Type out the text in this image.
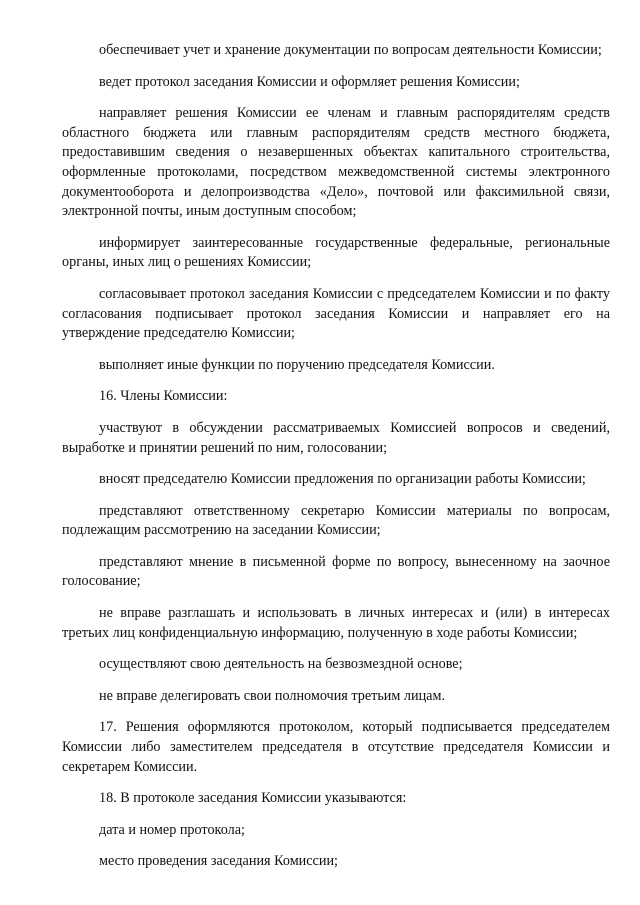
обеспечивает учет и хранение документации по вопросам деятельности Комиссии;

ведет протокол заседания Комиссии и оформляет решения Комиссии;

направляет решения Комиссии ее членам и главным распорядителям средств областного бюджета или главным распорядителям средств местного бюджета, предоставившим сведения о незавершенных объектах капитального строительства, оформленные протоколами, посредством межведомственной системы электронного документооборота и делопроизводства «Дело», почтовой или факсимильной связи, электронной почты, иным доступным способом;

информирует заинтересованные государственные федеральные, региональные органы, иных лиц о решениях Комиссии;

согласовывает протокол заседания Комиссии с председателем Комиссии и по факту согласования подписывает протокол заседания Комиссии и направляет его на утверждение председателю Комиссии;

выполняет иные функции по поручению председателя Комиссии.

16. Члены Комиссии:

участвуют в обсуждении рассматриваемых Комиссией вопросов и сведений, выработке и принятии решений по ним, голосовании;

вносят председателю Комиссии предложения по организации работы Комиссии;

представляют ответственному секретарю Комиссии материалы по вопросам, подлежащим рассмотрению на заседании Комиссии;

представляют мнение в письменной форме по вопросу, вынесенному на заочное голосование;

не вправе разглашать и использовать в личных интересах и (или) в интересах третьих лиц конфиденциальную информацию, полученную в ходе работы Комиссии;

осуществляют свою деятельность на безвозмездной основе;

не вправе делегировать свои полномочия третьим лицам.

17. Решения оформляются протоколом, который подписывается председателем Комиссии либо заместителем председателя в отсутствие председателя Комиссии и секретарем Комиссии.

18. В протоколе заседания Комиссии указываются:

дата и номер протокола;

место проведения заседания Комиссии;
